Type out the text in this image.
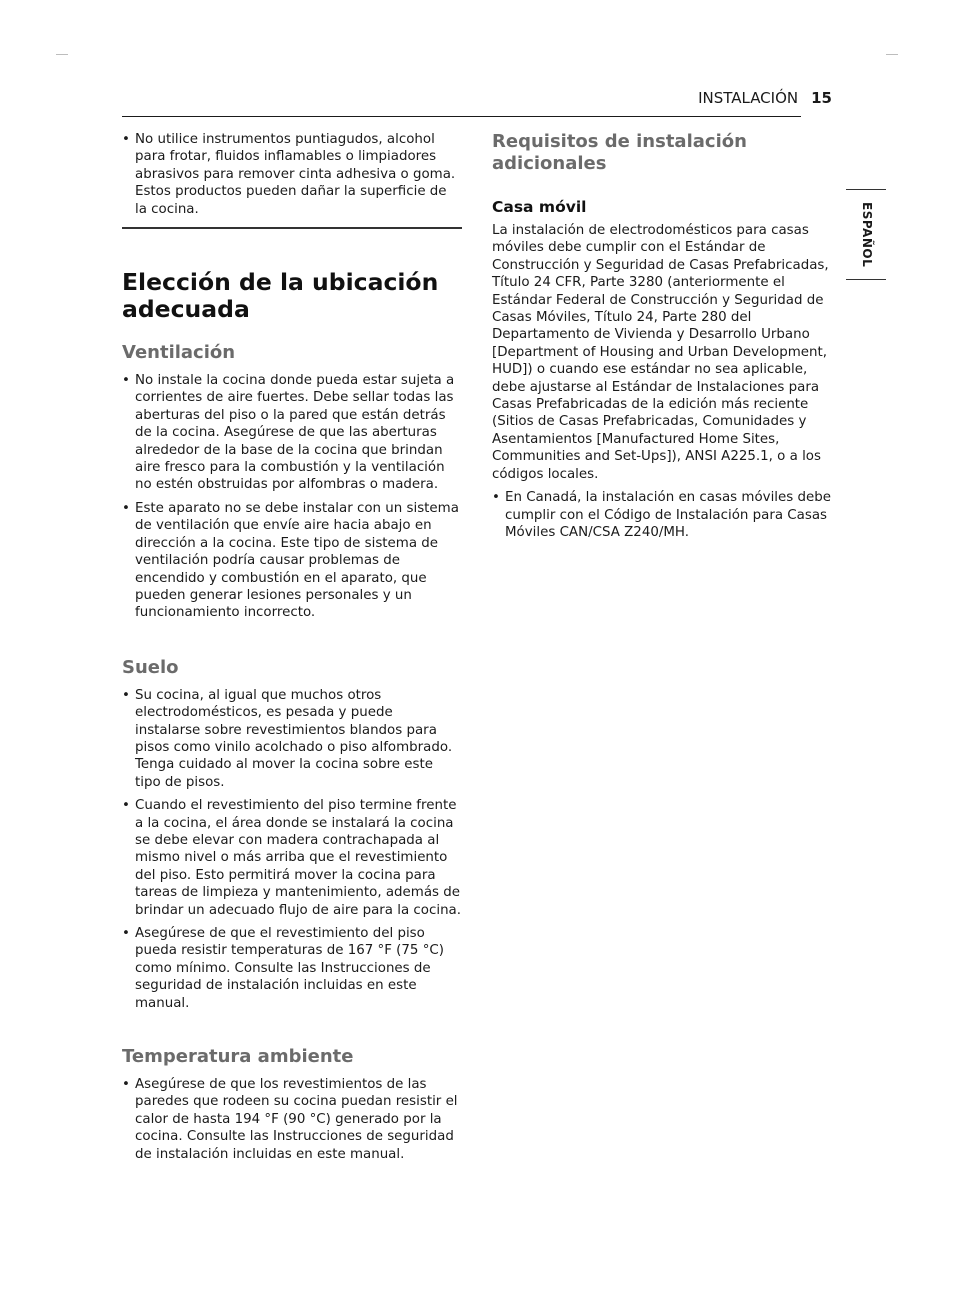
INSTALACIÓN 15
ESPAÑOL
• No utilice instrumentos puntiagudos, alcohol para frotar, fluidos inflamables o limpiadores abrasivos para remover cinta adhesiva o goma. Estos productos pueden dañar la superficie de la cocina.
Elección de la ubicación adecuada
Ventilación
• No instale la cocina donde pueda estar sujeta a corrientes de aire fuertes. Debe sellar todas las aberturas del piso o la pared que están detrás de la cocina. Asegúrese de que las aberturas alrededor de la base de la cocina que brindan aire fresco para la combustión y la ventilación no estén obstruidas por alfombras o madera.
• Este aparato no se debe instalar con un sistema de ventilación que envíe aire hacia abajo en dirección a la cocina. Este tipo de sistema de ventilación podría causar problemas de encendido y combustión en el aparato, que pueden generar lesiones personales y un funcionamiento incorrecto.
Suelo
• Su cocina, al igual que muchos otros electrodomésticos, es pesada y puede instalarse sobre revestimientos blandos para pisos como vinilo acolchado o piso alfombrado. Tenga cuidado al mover la cocina sobre este tipo de pisos.
• Cuando el revestimiento del piso termine frente a la cocina, el área donde se instalará la cocina se debe elevar con madera contrachapada al mismo nivel o más arriba que el revestimiento del piso. Esto permitirá mover la cocina para tareas de limpieza y mantenimiento, además de brindar un adecuado flujo de aire para la cocina.
• Asegúrese de que el revestimiento del piso pueda resistir temperaturas de 167 °F (75 °C) como mínimo. Consulte las Instrucciones de seguridad de instalación incluidas en este manual.
Temperatura ambiente
• Asegúrese de que los revestimientos de las paredes que rodeen su cocina puedan resistir el calor de hasta 194 °F (90 °C) generado por la cocina. Consulte las Instrucciones de seguridad de instalación incluidas en este manual.
Requisitos de instalación adicionales
Casa móvil

La instalación de electrodomésticos para casas móviles debe cumplir con el Estándar de Construcción y Seguridad de Casas Prefabricadas, Título 24 CFR, Parte 3280 (anteriormente el Estándar Federal de Construcción y Seguridad de Casas Móviles, Título 24, Parte 280 del Departamento de Vivienda y Desarrollo Urbano [Department of Housing and Urban Development, HUD]) o cuando ese estándar no sea aplicable, debe ajustarse al Estándar de Instalaciones para Casas Prefabricadas de la edición más reciente (Sitios de Casas Prefabricadas, Comunidades y Asentamientos [Manufactured Home Sites, Communities and Set-Ups]), ANSI A225.1, o a los códigos locales.

• En Canadá, la instalación en casas móviles debe cumplir con el Código de Instalación para Casas Móviles CAN/CSA Z240/MH.
